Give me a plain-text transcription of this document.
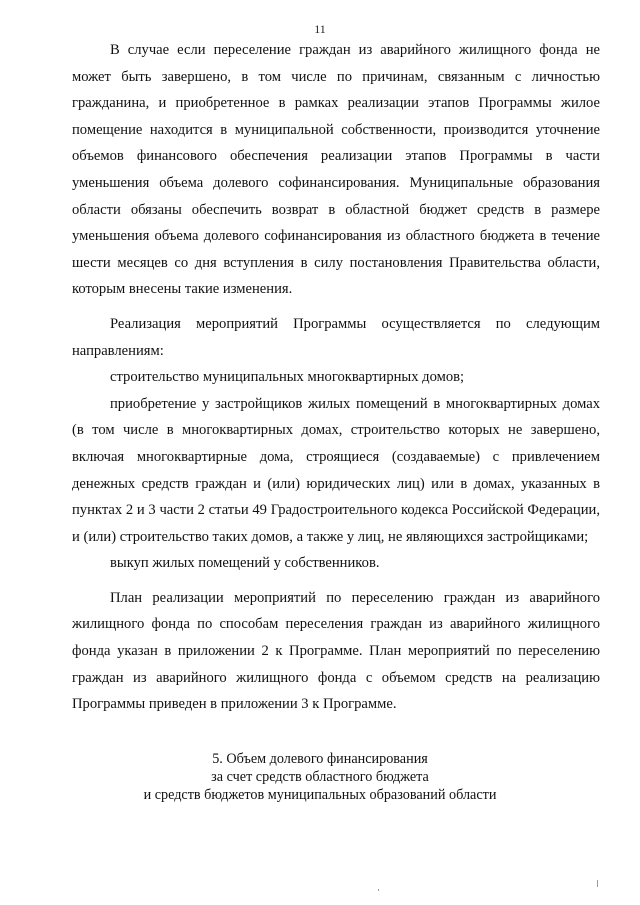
11

В случае если переселение граждан из аварийного жилищного фонда не может быть завершено, в том числе по причинам, связанным с личностью гражданина, и приобретенное в рамках реализации этапов Программы жилое помещение находится в муниципальной собственности, производится уточнение объемов финансового обеспечения реализации этапов Программы в части уменьшения объема долевого софинансирования. Муниципальные образования области обязаны обеспечить возврат в областной бюджет средств в размере уменьшения объема долевого софинансирования из областного бюджета в течение шести месяцев со дня вступления в силу постановления Правительства области, которым внесены такие изменения.

Реализация мероприятий Программы осуществляется по следующим направлениям:

строительство муниципальных многоквартирных домов;

приобретение у застройщиков жилых помещений в многоквартирных домах (в том числе в многоквартирных домах, строительство которых не завершено, включая многоквартирные дома, строящиеся (создаваемые) с привлечением денежных средств граждан и (или) юридических лиц) или в домах, указанных в пунктах 2 и 3 части 2 статьи 49 Градостроительного кодекса Российской Федерации, и (или) строительство таких домов, а также у лиц, не являющихся застройщиками;

выкуп жилых помещений у собственников.

План реализации мероприятий по переселению граждан из аварийного жилищного фонда по способам переселения граждан из аварийного жилищного фонда указан в приложении 2 к Программе. План мероприятий по переселению граждан из аварийного жилищного фонда с объемом средств на реализацию Программы приведен в приложении 3 к Программе.

5. Объем долевого финансирования
за счет средств областного бюджета
и средств бюджетов муниципальных образований области
